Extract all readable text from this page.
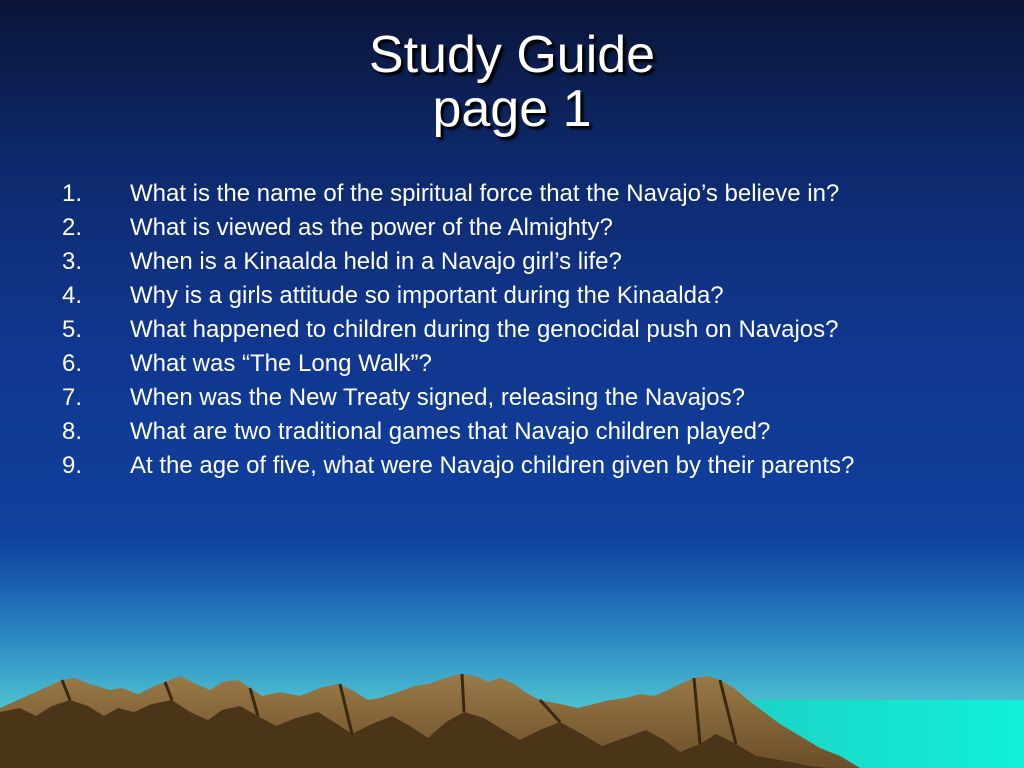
Study Guide
page 1
1.	What is the name of the spiritual force that the Navajo’s believe in?
2.	What is viewed as the power of the Almighty?
3.	When is a Kinaalda held in a Navajo girl’s life?
4.	Why is a girls attitude so important during the Kinaalda?
5.	What happened to children during the genocidal push on Navajos?
6.	What was “The Long Walk”?
7.	When was the New Treaty signed, releasing the Navajos?
8.	What are two traditional games that Navajo children played?
9.	At the age of five, what were Navajo children given by their parents?
